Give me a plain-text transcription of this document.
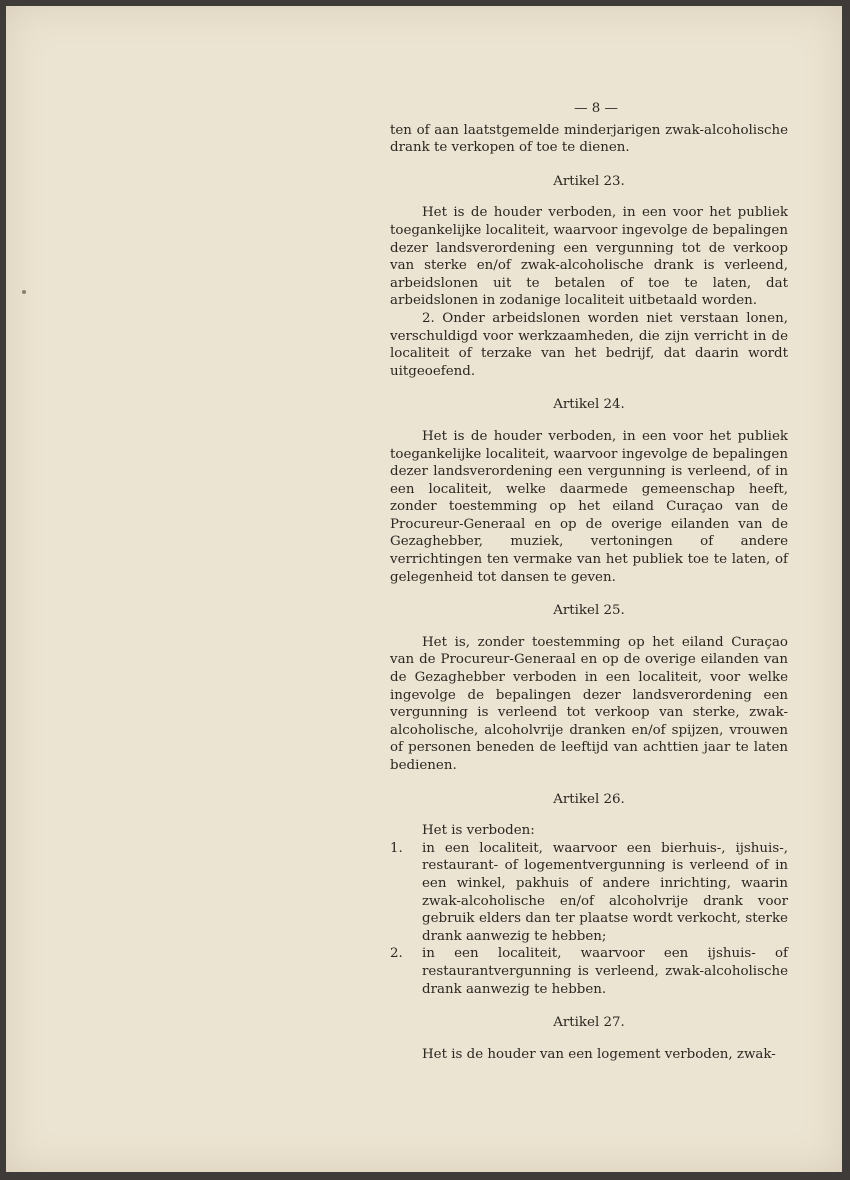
— 8 —

ten of aan laatstgemelde minderjarigen zwak-alcoholische drank te verkopen of toe te dienen.

Artikel 23.

Het is de houder verboden, in een voor het publiek toegankelijke localiteit, waarvoor ingevolge de bepalingen dezer landsverordening een vergunning tot de verkoop van sterke en/of zwak-alcoholische drank is verleend, arbeidslonen uit te betalen of toe te laten, dat arbeidslonen in zodanige localiteit uitbetaald worden.

2. Onder arbeidslonen worden niet verstaan lonen, verschuldigd voor werkzaamheden, die zijn verricht in de localiteit of terzake van het bedrijf, dat daarin wordt uitgeoefend.

Artikel 24.

Het is de houder verboden, in een voor het publiek toegankelijke localiteit, waarvoor ingevolge de bepalingen dezer landsverordening een vergunning is verleend, of in een localiteit, welke daarmede gemeenschap heeft, zonder toestemming op het eiland Curaçao van de Procureur-Generaal en op de overige eilanden van de Gezaghebber, muziek, vertoningen of andere verrichtingen ten vermake van het publiek toe te laten, of gelegenheid tot dansen te geven.

Artikel 25.

Het is, zonder toestemming op het eiland Curaçao van de Procureur-Generaal en op de overige eilanden van de Gezaghebber verboden in een localiteit, voor welke ingevolge de bepalingen dezer landsverordening een vergunning is verleend tot verkoop van sterke, zwak-alcoholische, alcoholvrije dranken en/of spijzen, vrouwen of personen beneden de leeftijd van achttien jaar te laten bedienen.

Artikel 26.

Het is verboden:

1.	in een localiteit, waarvoor een bierhuis-, ijshuis-, restaurant- of logementvergunning is verleend of in een winkel, pakhuis of andere inrichting, waarin zwak-alcoholische en/of alcoholvrije drank voor gebruik elders dan ter plaatse wordt verkocht, sterke drank aanwezig te hebben;
2.	in een localiteit, waarvoor een ijshuis- of restaurantvergunning is verleend, zwak-alcoholische drank aanwezig te hebben.
Artikel 27.

Het is de houder van een logement verboden, zwak-
